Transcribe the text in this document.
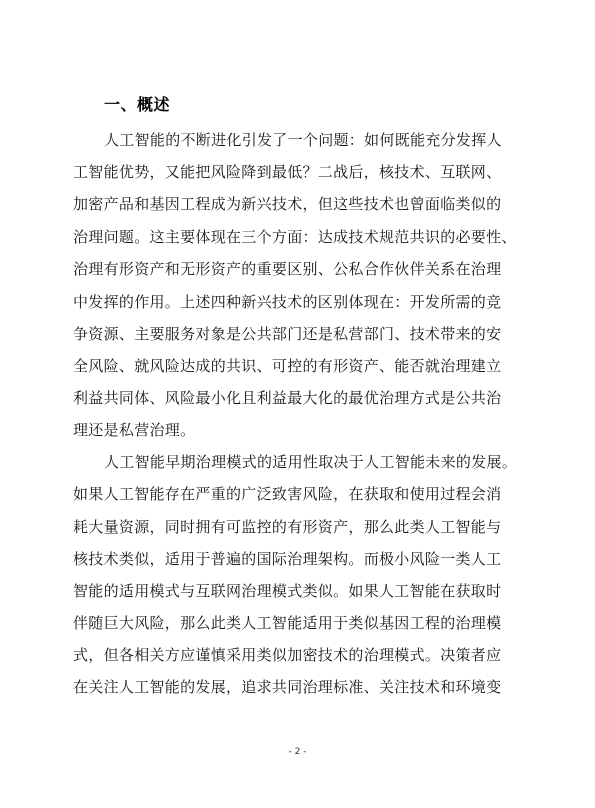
一、概述
人工智能的不断进化引发了一个问题：如何既能充分发挥人
工智能优势，又能把风险降到最低？二战后，核技术、互联网、
加密产品和基因工程成为新兴技术，但这些技术也曾面临类似的
治理问题。这主要体现在三个方面：达成技术规范共识的必要性、
治理有形资产和无形资产的重要区别、公私合作伙伴关系在治理
中发挥的作用。上述四种新兴技术的区别体现在：开发所需的竞
争资源、主要服务对象是公共部门还是私营部门、技术带来的安
全风险、就风险达成的共识、可控的有形资产、能否就治理建立
利益共同体、风险最小化且利益最大化的最优治理方式是公共治
理还是私营治理。
人工智能早期治理模式的适用性取决于人工智能未来的发展。
如果人工智能存在严重的广泛致害风险，在获取和使用过程会消
耗大量资源，同时拥有可监控的有形资产，那么此类人工智能与
核技术类似，适用于普遍的国际治理架构。而极小风险一类人工
智能的适用模式与互联网治理模式类似。如果人工智能在获取时
伴随巨大风险，那么此类人工智能适用于类似基因工程的治理模
式，但各相关方应谨慎采用类似加密技术的治理模式。决策者应
在关注人工智能的发展，追求共同治理标准、关注技术和环境变
- 2 -
